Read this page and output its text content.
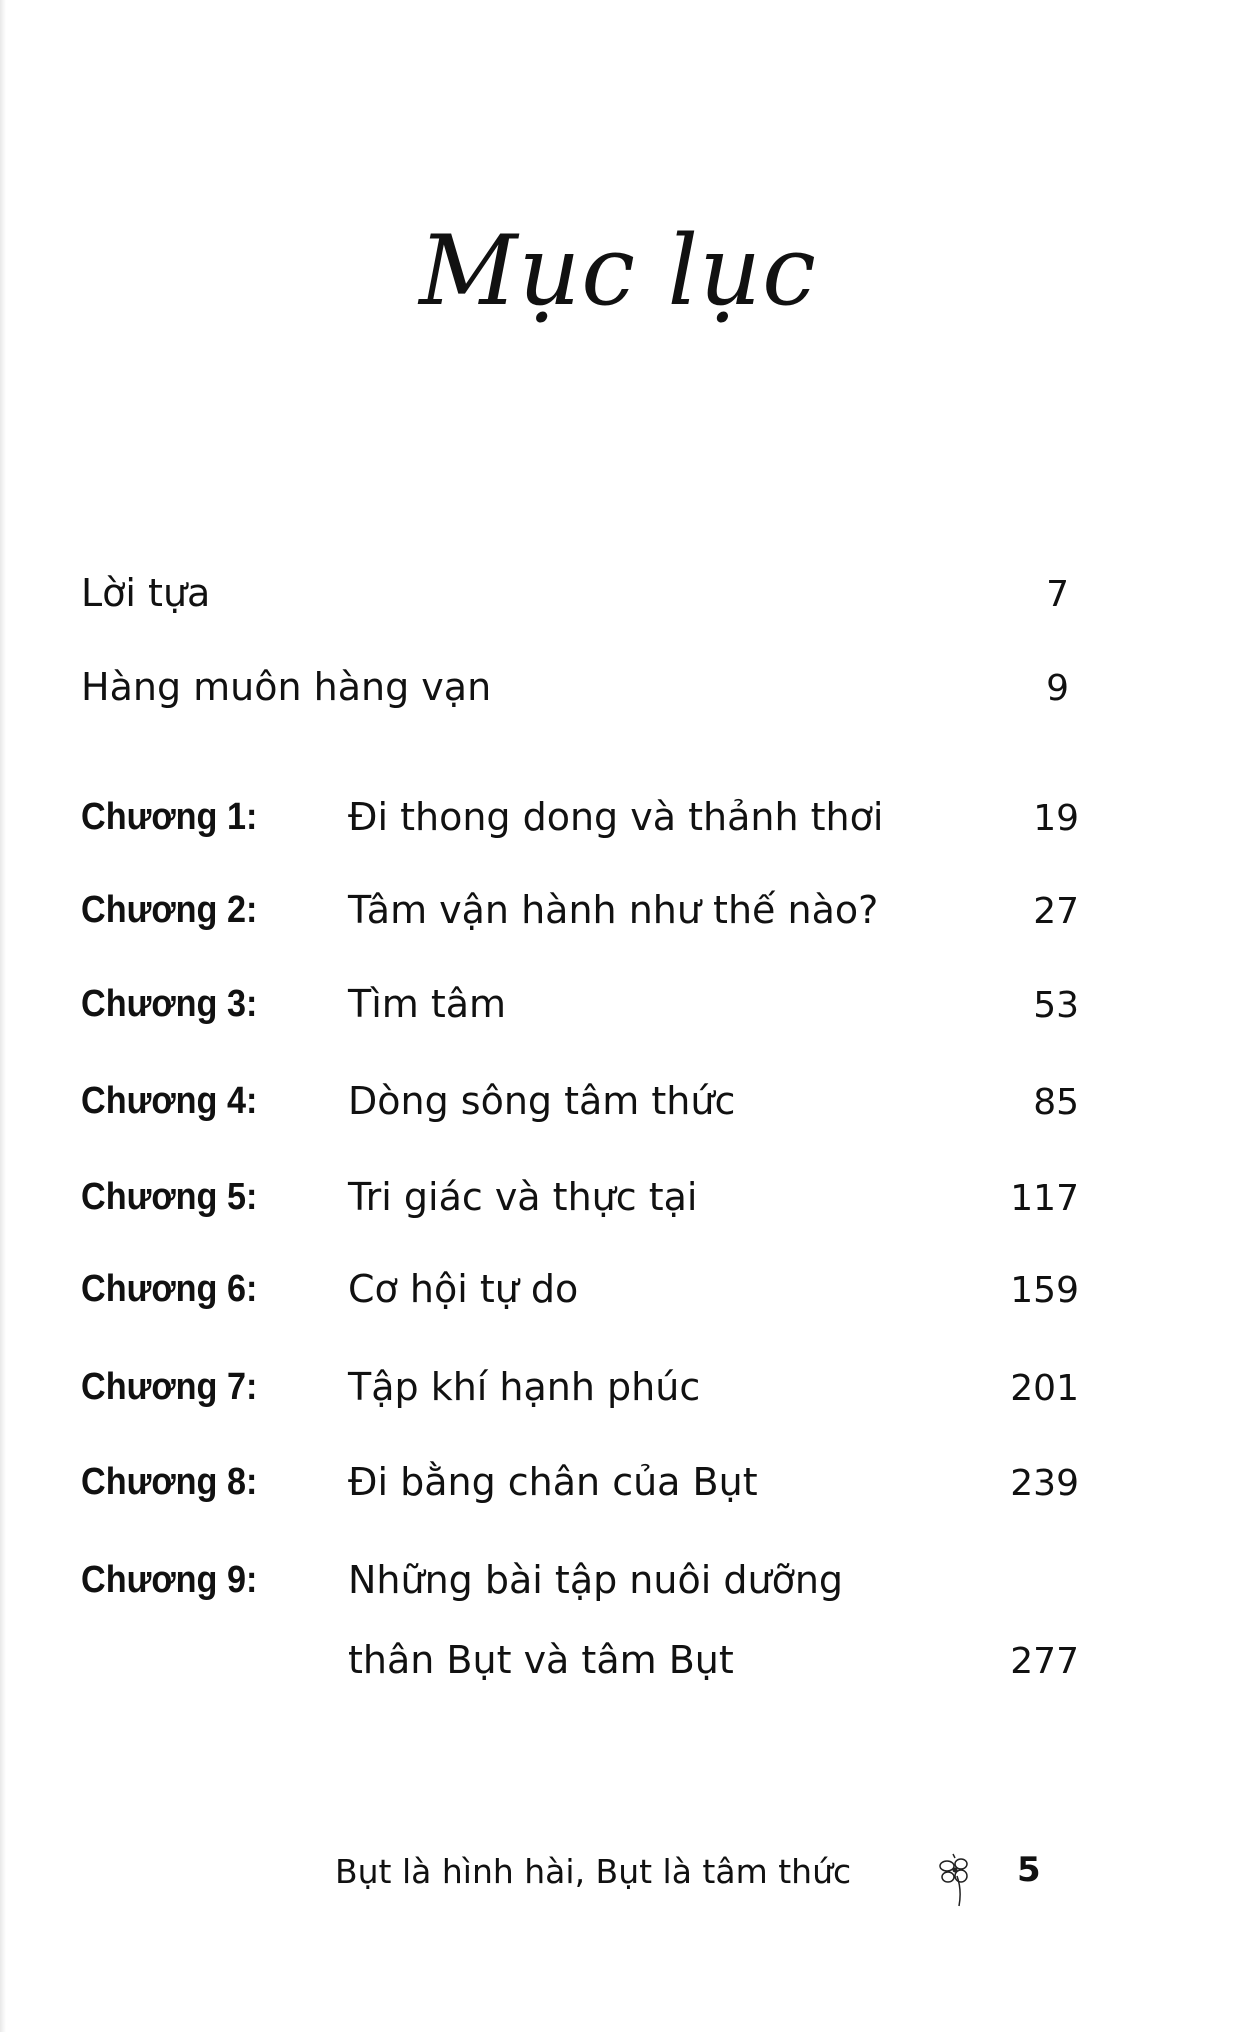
Mục lục
Lời tựa	7
Hàng muôn hàng vạn	9
Chương 1: Đi thong dong và thảnh thơi	19
Chương 2: Tâm vận hành như thế nào?	27
Chương 3: Tìm tâm	53
Chương 4: Dòng sông tâm thức	85
Chương 5: Tri giác và thực tại	117
Chương 6: Cơ hội tự do	159
Chương 7: Tập khí hạnh phúc	201
Chương 8: Đi bằng chân của Bụt	239
Chương 9: Những bài tập nuôi dưỡng
thân Bụt và tâm Bụt	277
Bụt là hình hài, Bụt là tâm thức	5
